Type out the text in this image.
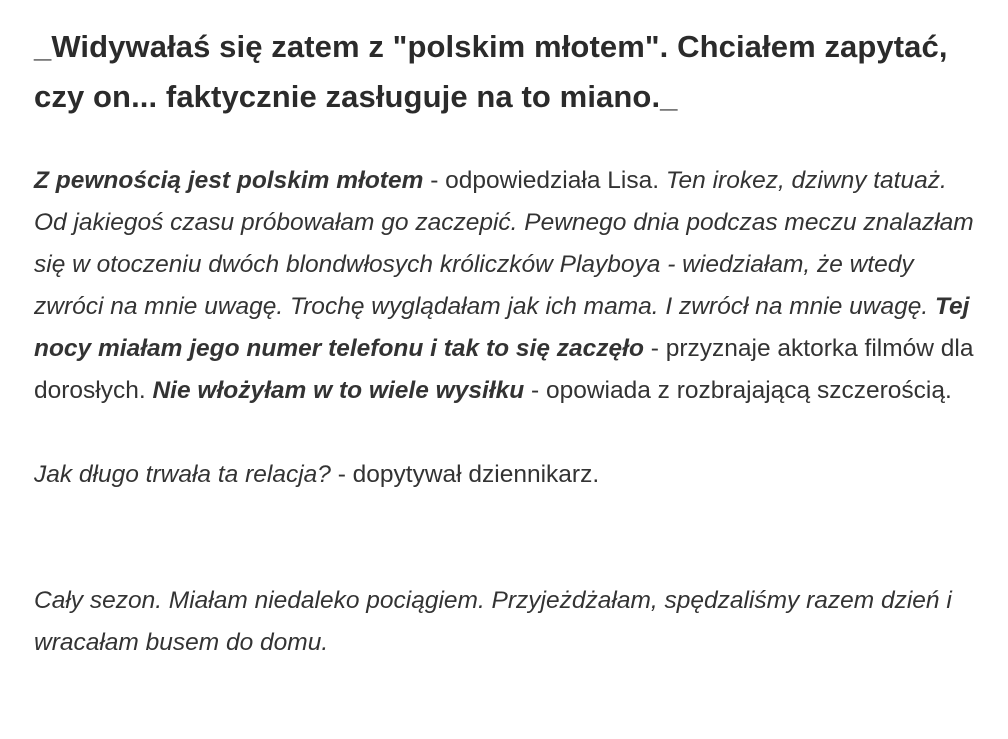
_Widywałaś się zatem z "polskim młotem". Chciałem zapytać, czy on... faktycznie zasługuje na to miano._

Z pewnością jest polskim młotem - odpowiedziała Lisa. Ten irokez, dziwny tatuaż. Od jakiegoś czasu próbowałam go zaczepić. Pewnego dnia podczas meczu znalazłam się w otoczeniu dwóch blondwłosych króliczków Playboya - wiedziałam, że wtedy zwróci na mnie uwagę. Trochę wyglądałam jak ich mama. I zwrócł na mnie uwagę. Tej nocy miałam jego numer telefonu i tak to się zaczęło - przyznaje aktorka filmów dla dorosłych. Nie włożyłam w to wiele wysiłku - opowiada z rozbrajającą szczerością.

Jak długo trwała ta relacja? - dopytywał dziennikarz.

Cały sezon. Miałam niedaleko pociągiem. Przyjeżdżałam, spędzaliśmy razem dzień i wracałam busem do domu.
